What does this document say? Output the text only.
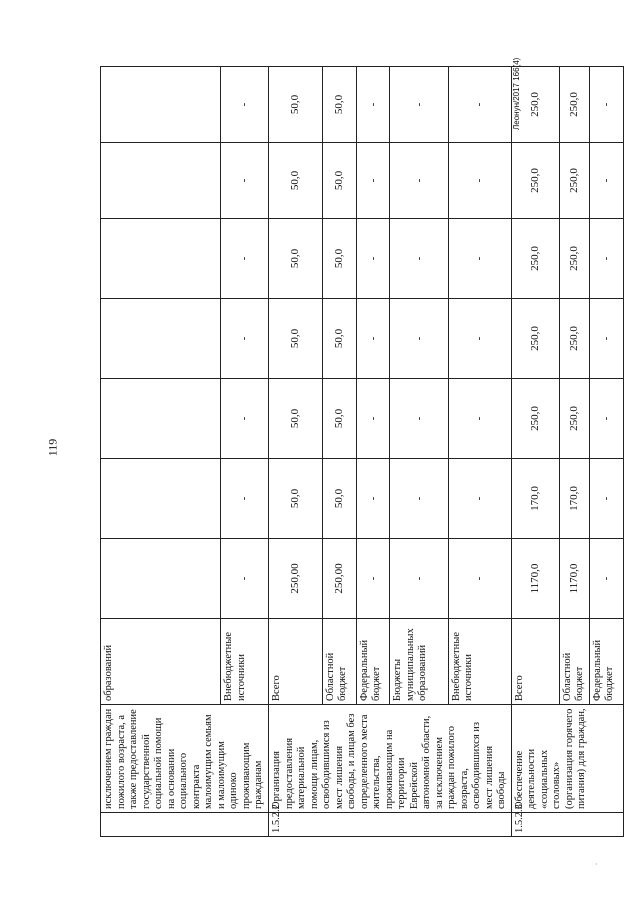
119
Леонун/2017 166(4)
·
	исключением граждан пожилого возраста, а также предоставление государственной социальной помощи на основании социального контракта малоимущим семьям и малоимущим одиноко проживающим гражданам	образований							
		Внебюджетные источники	-	-	-	-	-	-	-
1.5.2.2	Организация предоставления материальной помощи лицам, освободившимся из мест лишения свободы, и лицам без определенного места жительства, проживающим на территории Еврейской автономной области, за исключением граждан пожилого возраста, освободившихся из мест лишения свободы	Всего	250,00	50,0	50,0	50,0	50,0	50,0	50,0
		Областной бюджет	250,00	50,0	50,0	50,0	50,0	50,0	50,0
		Федеральный бюджет	-	-	-	-	-	-	-
		Бюджеты муниципальных образований	-	-	-	-	-	-	-
		Внебюджетные источники	-	-	-	-	-	-	-
1.5.2.3	Обеспечение деятельности «социальных столовых» (организация горячего питания) для граждан,	Всего	1170,0	170,0	250,0	250,0	250,0	250,0	250,0
		Областной бюджет	1170,0	170,0	250,0	250,0	250,0	250,0	250,0
		Федеральный бюджет	-	-	-	-	-	-	-
